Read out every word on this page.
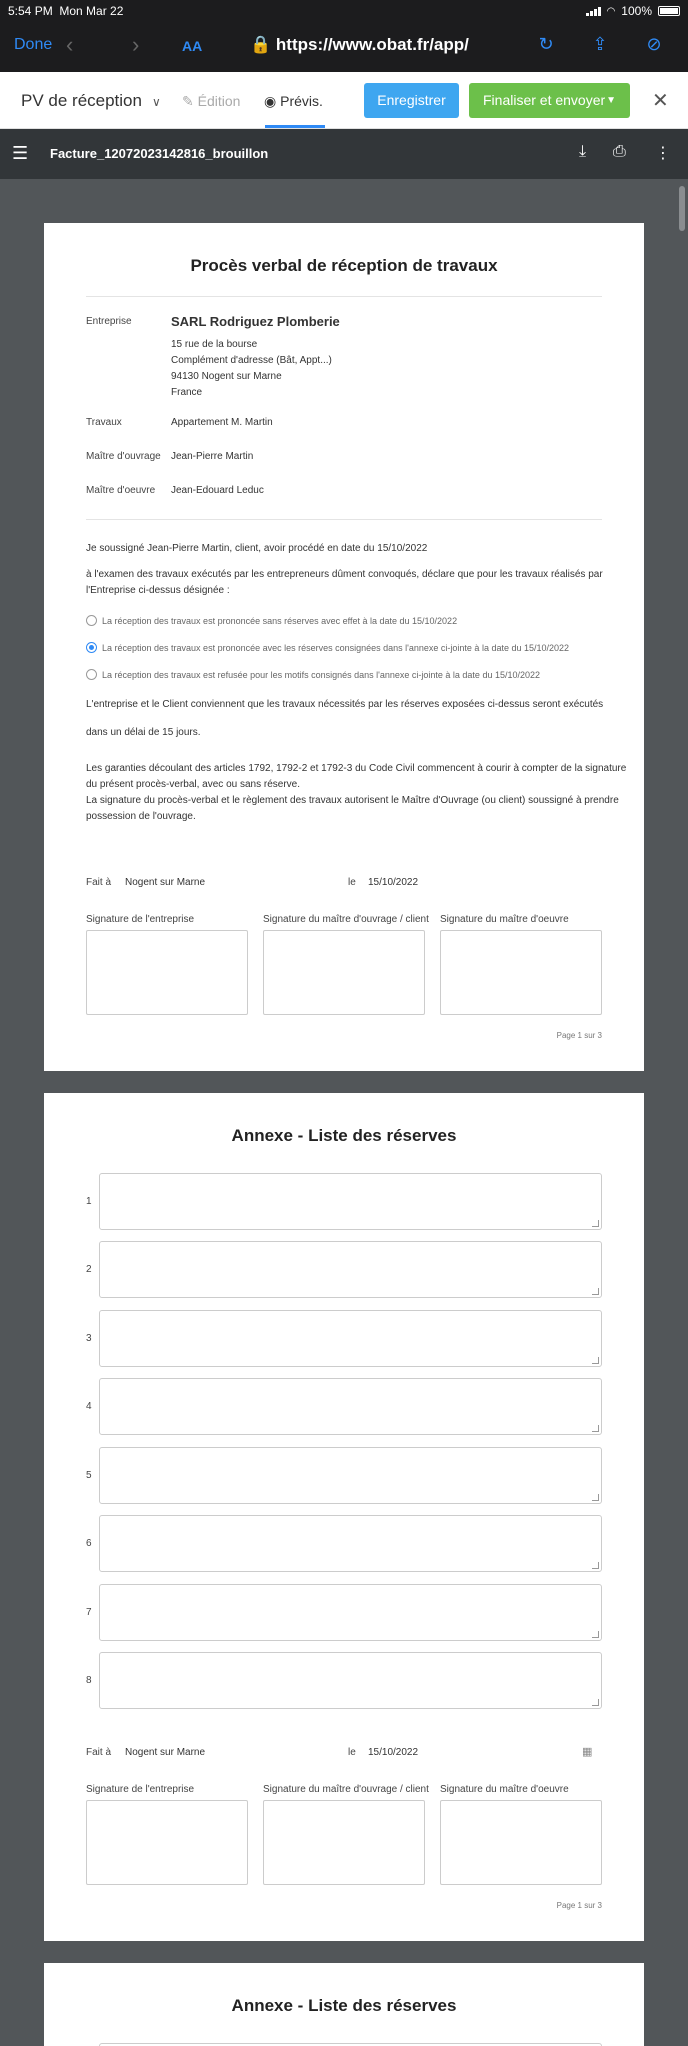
5:54 PM Mon Mar 22	◠ 100%
Done ‹	›	AA	🔒 https://www.obat.fr/app/	↻ ⇪ ⊘
PV de réception ∨ ✎ Édition ◉ Prévis.	Enregistrer	Finaliser et envoyer ▼ ✕
☰ Facture_12072023142816_brouillon	⤓ ⎙ ⋮
Procès verbal de réception de travaux
Entreprise	SARL Rodriguez Plomberie
15 rue de la bourse
Complément d'adresse (Bât, Appt...)
94130 Nogent sur Marne
France
Travaux	Appartement M. Martin
Maître d'ouvrage Jean-Pierre Martin
Maître d'oeuvre Jean-Edouard Leduc
Je soussigné Jean-Pierre Martin, client, avoir procédé en date du 15/10/2022
à l'examen des travaux exécutés par les entrepreneurs dûment convoqués, déclare que pour les travaux réalisés par
l'Entreprise ci-dessus désignée :
La réception des travaux est prononcée sans réserves avec effet à la date du 15/10/2022
La réception des travaux est prononcée avec les réserves consignées dans l'annexe ci-jointe à la date du 15/10/2022
La réception des travaux est refusée pour les motifs consignés dans l'annexe ci-jointe à la date du 15/10/2022
L'entreprise et le Client conviennent que les travaux nécessités par les réserves exposées ci-dessus seront exécutés
dans un délai de 15 jours.
Les garanties découlant des articles 1792, 1792-2 et 1792-3 du Code Civil commencent à courir à compter de la signature
du présent procès-verbal, avec ou sans réserve.
La signature du procès-verbal et le règlement des travaux autorisent le Maître d'Ouvrage (ou client) soussigné à prendre
possession de l'ouvrage.
Fait à Nogent sur Marne	le 15/10/2022
Signature de l'entreprise	Signature du maître d'ouvrage / client Signature du maître d'oeuvre
Page 1 sur 3
Annexe - Liste des réserves
1
2
3
4
5
6
7
8
Fait à Nogent sur Marne	le 15/10/2022	▦
Signature de l'entreprise	Signature du maître d'ouvrage / client Signature du maître d'oeuvre
Page 1 sur 3
Annexe - Liste des réserves
